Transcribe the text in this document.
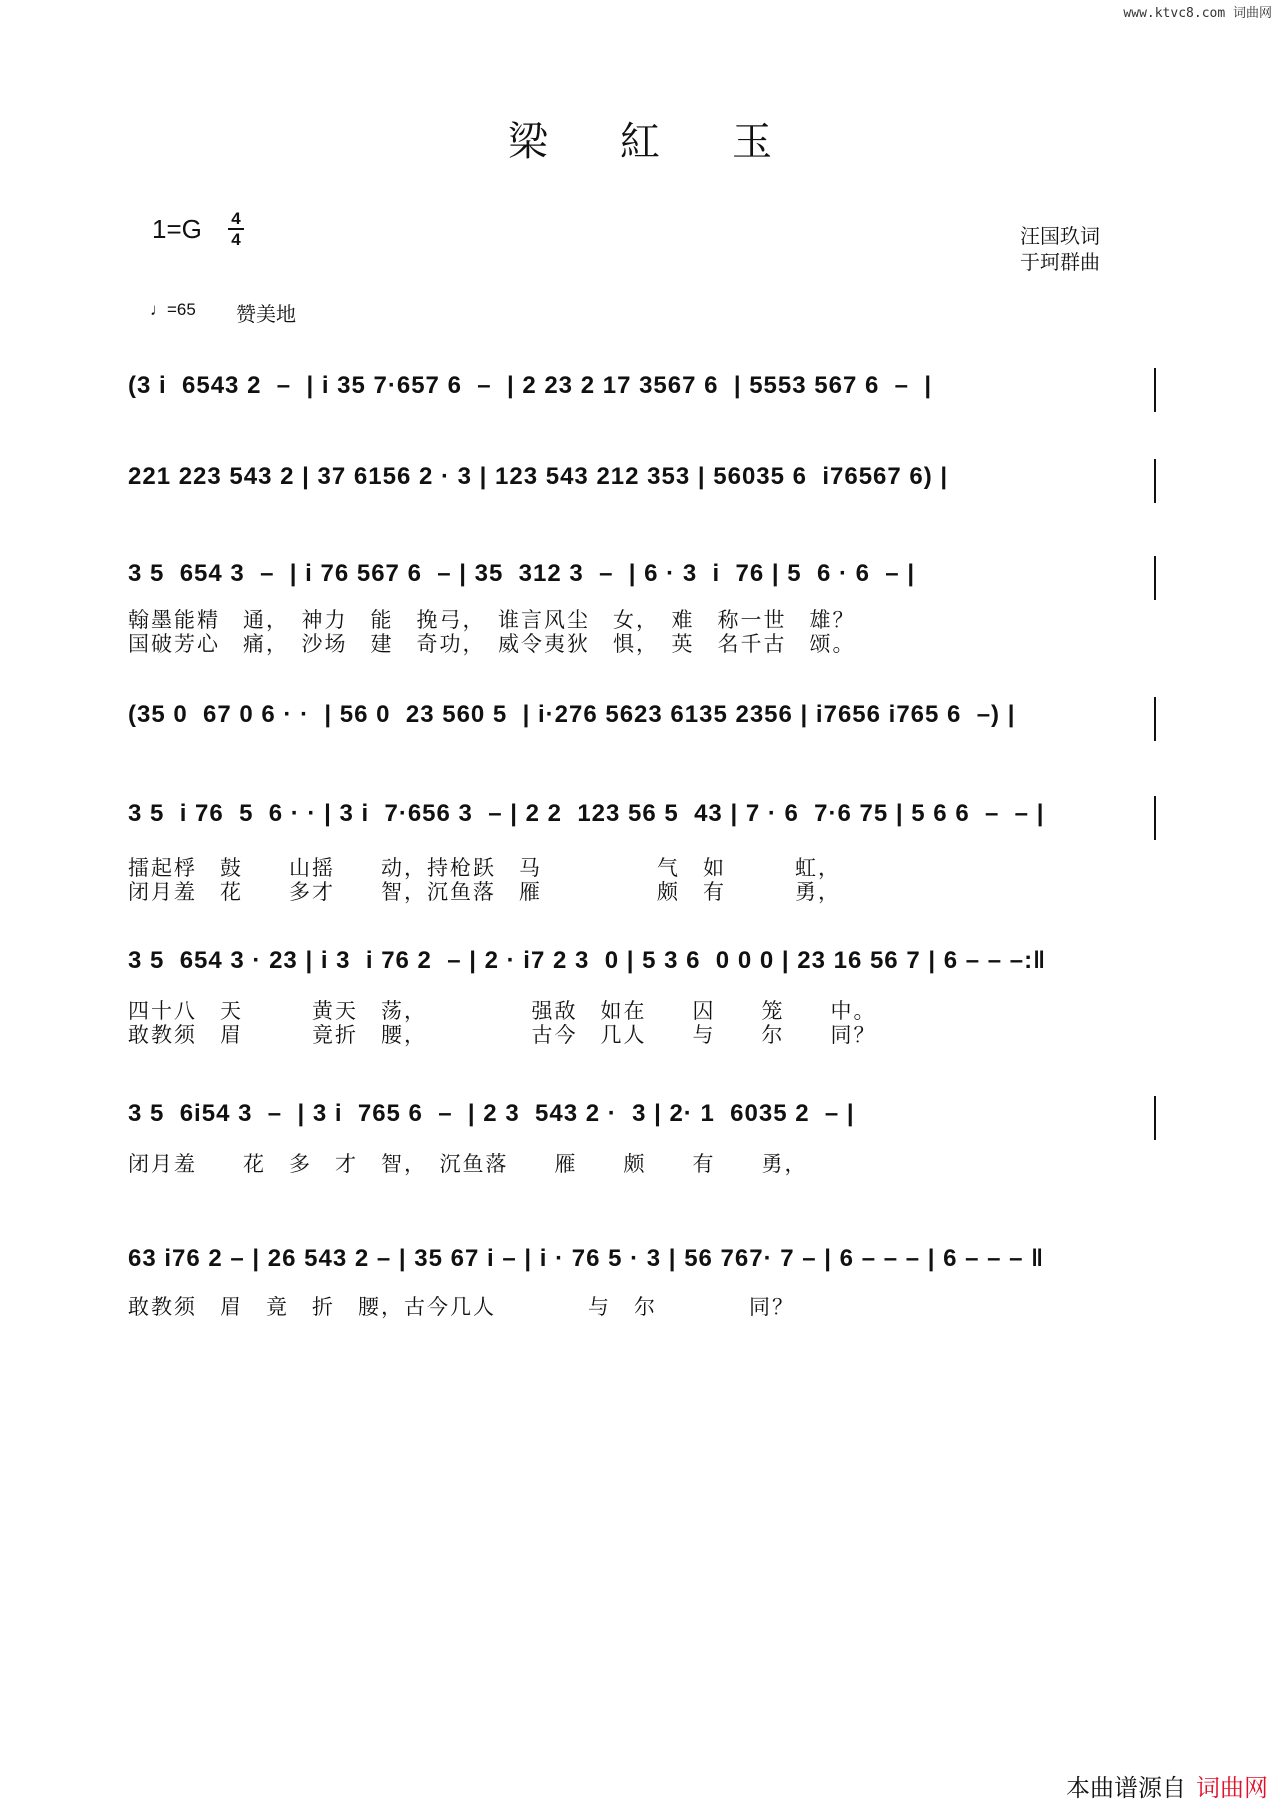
www.ktvc8.com 词曲网
梁紅玉
1=G 4
4	汪国玖词
于珂群曲
♩=65 赞美地
(3 i  6543 2  –  | i 35 7·657 6  –  | 2 23 2 17 3567 6  | 5553 567 6  –  |
221 223 543 2 | 37 6156 2 · 3 | 123 543 212 353 | 56035 6  i76567 6) |
3 5  654 3  –  | i 76 567 6  – | 35  312 3  –  | 6 · 3  i  76 | 5  6 · 6  – |
翰墨能精　通，　神力　能　挽弓，　谁言风尘　女，　难　称一世　雄？
国破芳心　痛，　沙场　建　奇功，　威令夷狄　惧，　英　名千古　颂。
(35 0  67 0 6 · ·  | 56 0  23 560 5  | i·276 5623 6135 2356 | i7656 i765 6  –) |
3 5  i 76  5  6 · · | 3 i  7·656 3  – | 2 2  123 56 5  43 | 7 · 6  7·6 75 | 5 6 6  –  – |
擂起桴　鼓　　山摇　　动，持枪跃　马　　　　　气　如　　　虹，
闭月羞　花　　多才　　智，沉鱼落　雁　　　　　颇　有　　　勇，
3 5  654 3 · 23 | i 3  i 76 2  – | 2 · i7 2 3  0 | 5 3 6  0 0 0 | 23 16 56 7 | 6 – – –:‖
四十八　天　　　黄天　荡，　　　　　强敌　如在　　囚　　笼　　中。
敢教须　眉　　　竟折　腰，　　　　　古今　几人　　与　　尔　　同？
3 5  6i54 3  –  | 3 i  765 6  –  | 2 3  543 2 ·  3 | 2· 1  6035 2  – |
闭月羞　　花　多　才　智，　沉鱼落　　雁　　颇　　有　　勇，
63 i76 2 – | 26 543 2 – | 35 67 i – | i · 76 5 · 3 | 56 767· 7 – | 6 – – – | 6 – – – ‖
敢教须　眉　竟　折　腰，古今几人　　　　与　尔　　　　同？
本曲谱源自 词曲网
